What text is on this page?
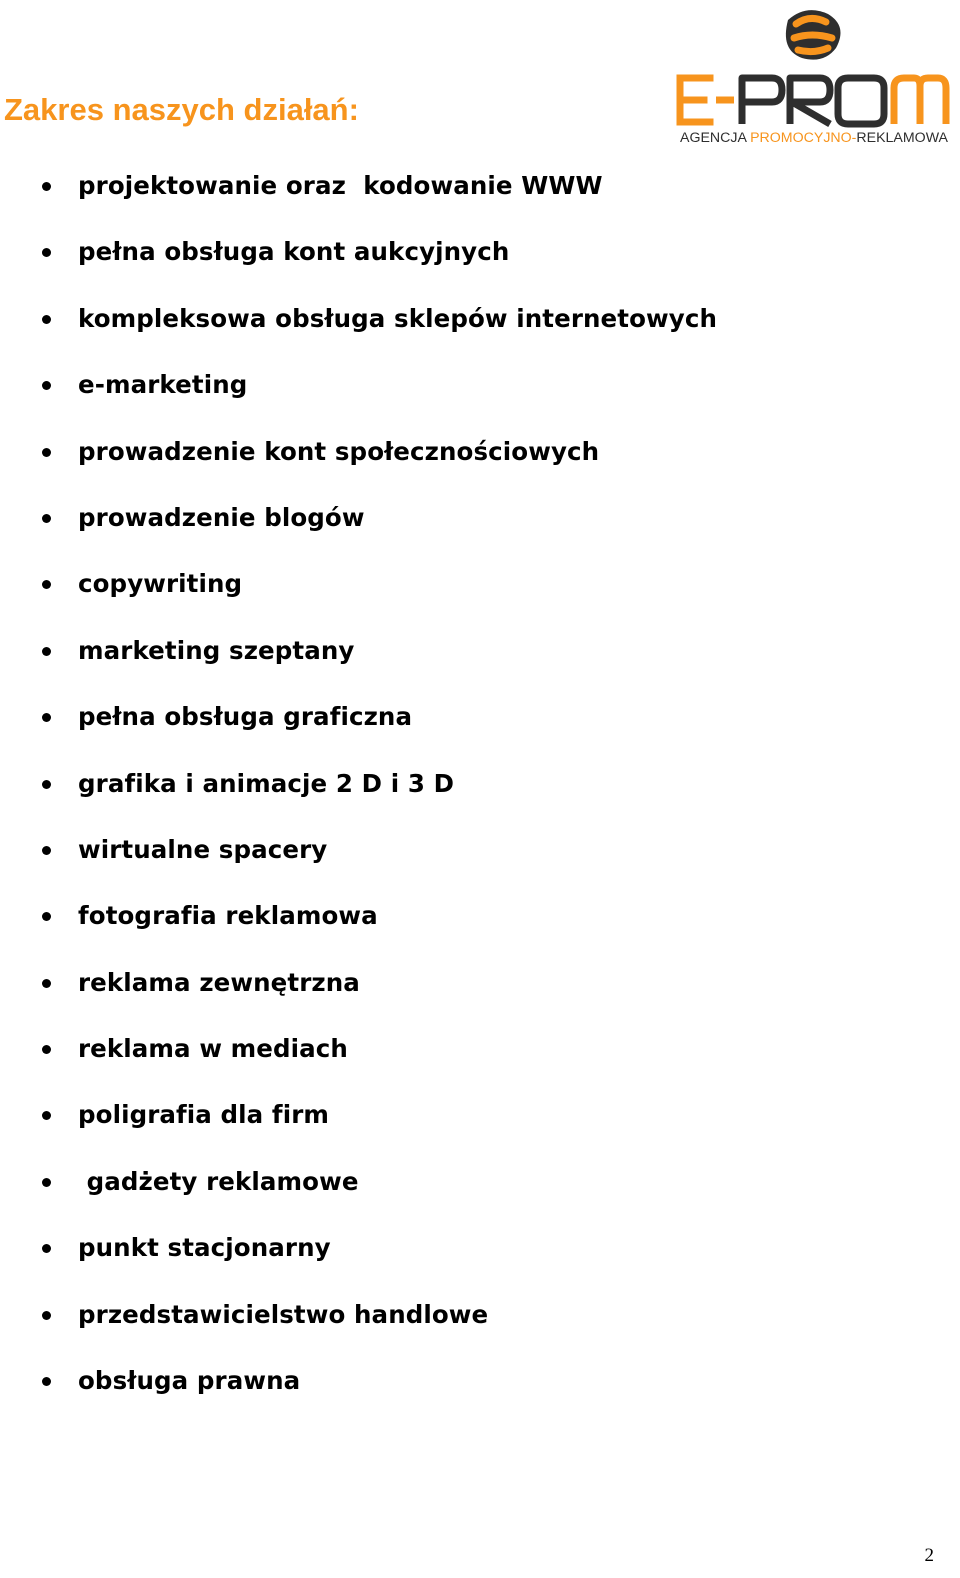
Zakres naszych działań:
AGENCJA PROMOCYJNO- REKLAMOWA
projektowanie oraz  kodowanie WWW
pełna obsługa kont aukcyjnych
kompleksowa obsługa sklepów internetowych
e-marketing
prowadzenie kont społecznościowych
prowadzenie blogów
copywriting
marketing szeptany
pełna obsługa graficzna
grafika i animacje 2 D i 3 D
wirtualne spacery
fotografia reklamowa
reklama zewnętrzna
reklama w mediach
poligrafia dla firm
gadżety reklamowe
punkt stacjonarny
przedstawicielstwo handlowe
obsługa prawna
2
